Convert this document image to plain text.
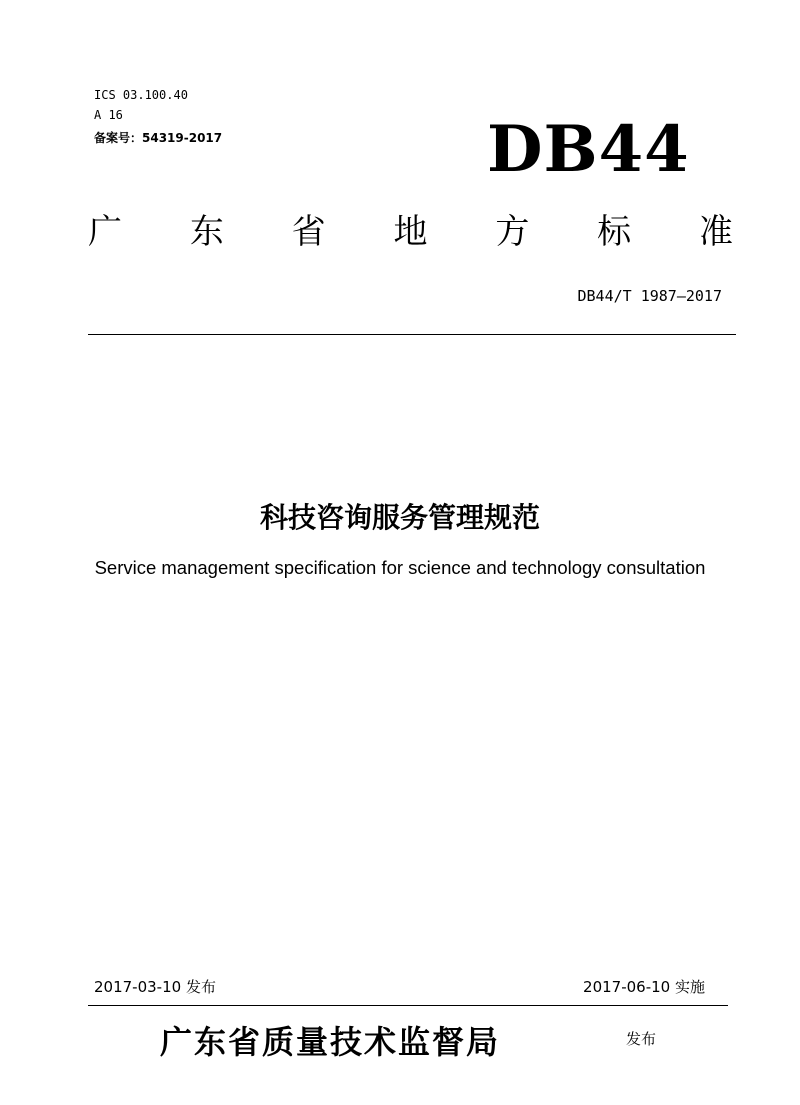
ICS 03.100.40
A 16
备案号：54319-2017	DB44
广 东 省 地 方 标 准
DB44/T 1987—2017
科技咨询服务管理规范
Service management specification for science and technology consultation
2017-03-10 发布	2017-06-10 实施
广东省质量技术监督局	发布
